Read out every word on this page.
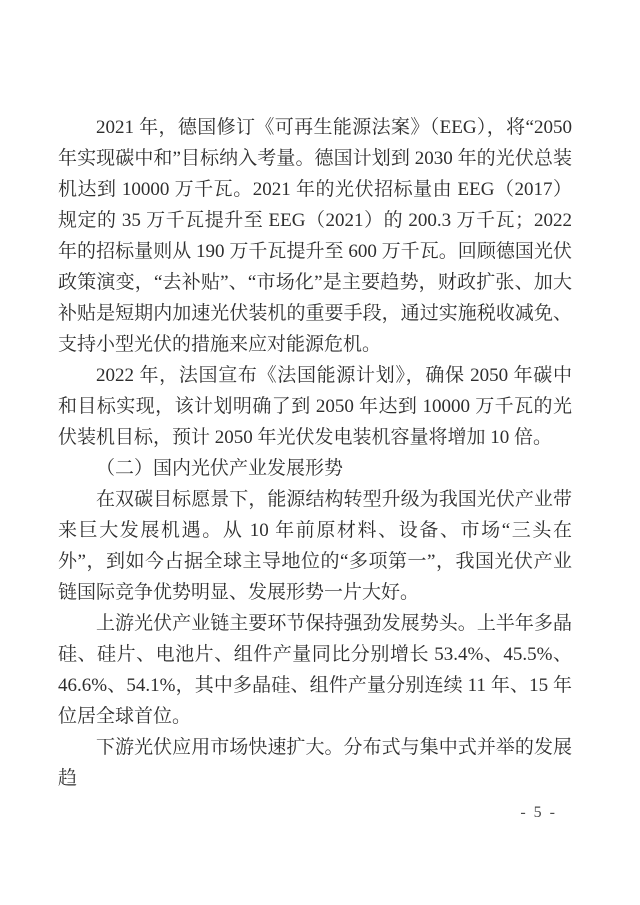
2021 年，德国修订《可再生能源法案》（EEG），将“2050 年实现碳中和”目标纳入考量。德国计划到 2030 年的光伏总装机达到 10000 万千瓦。2021 年的光伏招标量由 EEG（2017）规定的 35 万千瓦提升至 EEG（2021）的 200.3 万千瓦；2022 年的招标量则从 190 万千瓦提升至 600 万千瓦。回顾德国光伏政策演变，“去补贴”、“市场化”是主要趋势，财政扩张、加大补贴是短期内加速光伏装机的重要手段，通过实施税收减免、支持小型光伏的措施来应对能源危机。

2022 年，法国宣布《法国能源计划》，确保 2050 年碳中和目标实现，该计划明确了到 2050 年达到 10000 万千瓦的光伏装机目标，预计 2050 年光伏发电装机容量将增加 10 倍。

（二）国内光伏产业发展形势

在双碳目标愿景下，能源结构转型升级为我国光伏产业带来巨大发展机遇。从 10 年前原材料、设备、市场“三头在外”，到如今占据全球主导地位的“多项第一”，我国光伏产业链国际竞争优势明显、发展形势一片大好。

上游光伏产业链主要环节保持强劲发展势头。上半年多晶硅、硅片、电池片、组件产量同比分别增长 53.4%、45.5%、46.6%、54.1%，其中多晶硅、组件产量分别连续 11 年、15 年位居全球首位。

下游光伏应用市场快速扩大。分布式与集中式并举的发展趋

- 5 -
